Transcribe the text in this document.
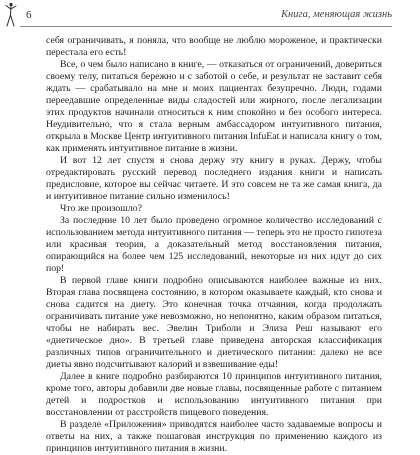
6	Книга, меняющая жизнь

себя ограничивать, я поняла, что вообще не люблю мороженое, и практически перестала его есть!

Все, о чем было написано в книге, — отказаться от ограничений, довериться своему телу, питаться бережно и с заботой о себе, и результат не заставит себя ждать — срабатывало на мне и моих пациентах безупречно. Люди, годами переедавшие определенные виды сладостей или жирного, после легализации этих продуктов начинали относиться к ним спокойно и без особого интереса. Неудивительно, что я стала верным амбассадором интуитивного питания, открыла в Москве Центр интуитивного питания InfuEat и написала книгу о том, как применять интуитивное питание в жизни.

И вот 12 лет спустя я снова держу эту книгу в руках. Держу, чтобы отредактировать русский перевод последнего издания книги и написать предисловие, которое вы сейчас читаете. И это совсем не та же самая книга, да и интуитивное питание сильно изменилось!

Что же произошло?

За последние 10 лет было проведено огромное количество исследований с использованием метода интуитивного питания — теперь это не просто гипотеза или красивая теория, а доказательный метод восстановления питания, опирающийся на более чем 125 исследований, некоторые из них идут до сих пор!

В первой главе книги подробно описываются наиболее важные из них. Вторая глава посвящена состоянию, в котором оказываете каждый, кто снова и снова садится на диету. Это конечная точка отчаяния, когда продолжать ограничивать питание уже невозможно, но непонятно, каким образом питаться, чтобы не набирать вес. Эвелин Триболи и Элиза Реш называют его «диетическое дно». В третьей главе приведена авторская классификация различных типов ограничительного и диетического питания: далеко не все диеты явно подсчитывают калорий и взвешивание еды!

Далее в книге подробно разбираются 10 принципов интуитивного питания, кроме того, авторы добавили две новые главы, посвященные работе с питанием детей и подростков и использованию интуитивного питания при восстановлении от расстройств пищевого поведения.

В разделе «Приложения» приводятся наиболее часто задаваемые вопросы и ответы на них, а также пошаговая инструкция по применению каждого из принципов интуитивного питания в жизни.
